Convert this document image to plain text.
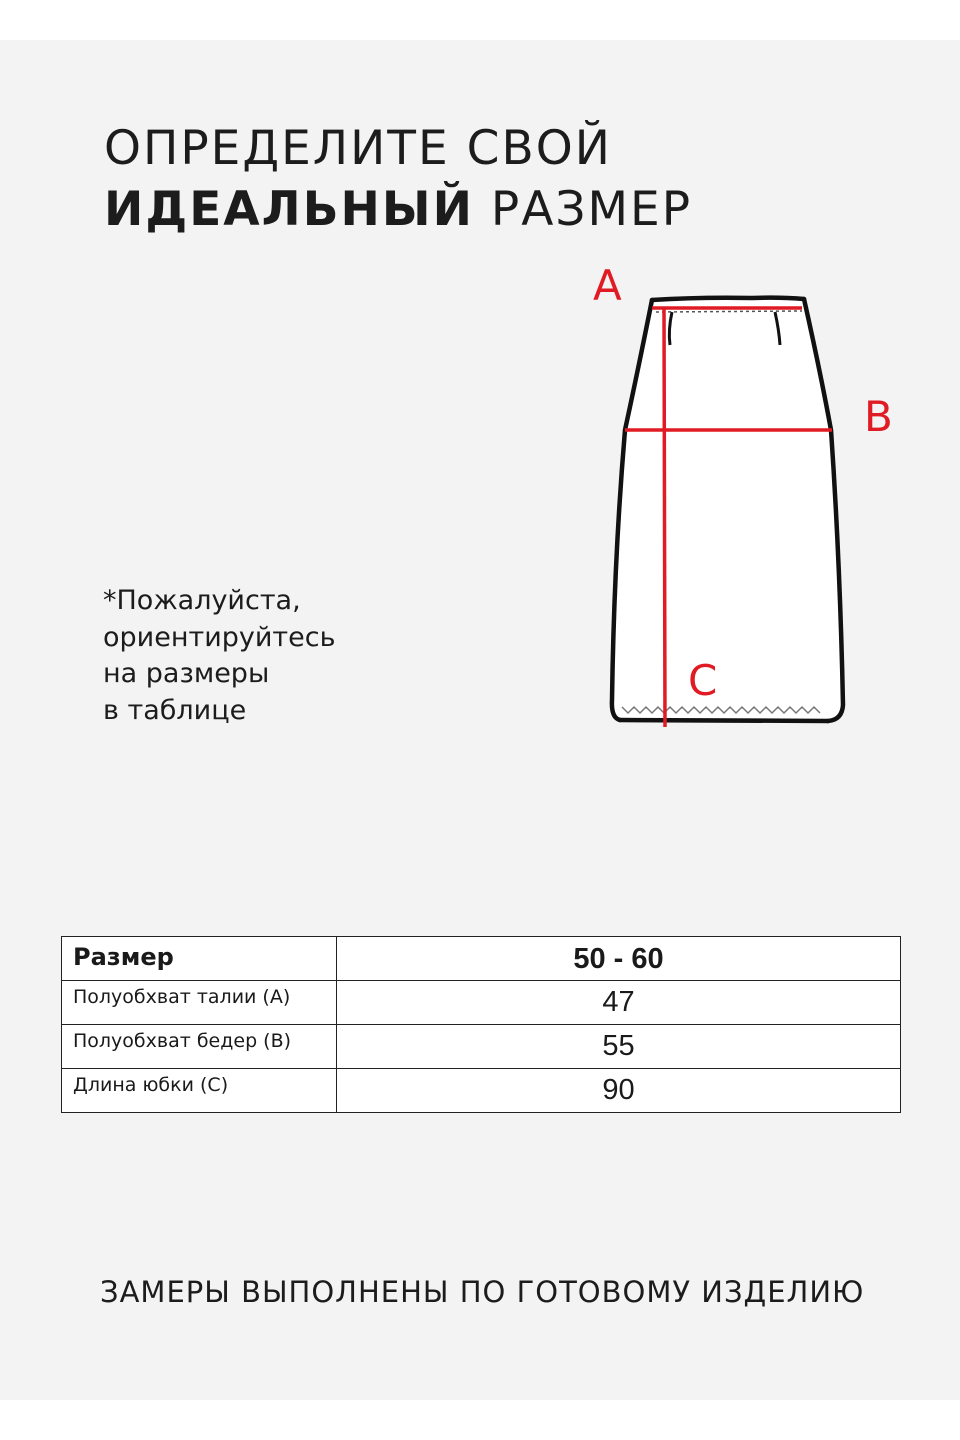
ОПРЕДЕЛИТЕ СВОЙ
ИДЕАЛЬНЫЙ РАЗМЕР
*Пожалуйста,
ориентируйтесь
на размеры
в таблице
A
B
C
Размер	50 - 60
Полуобхват талии (А)	47
Полуобхват бедер (В)	55
Длина юбки (С)	90
ЗАМЕРЫ ВЫПОЛНЕНЫ ПО ГОТОВОМУ ИЗДЕЛИЮ
